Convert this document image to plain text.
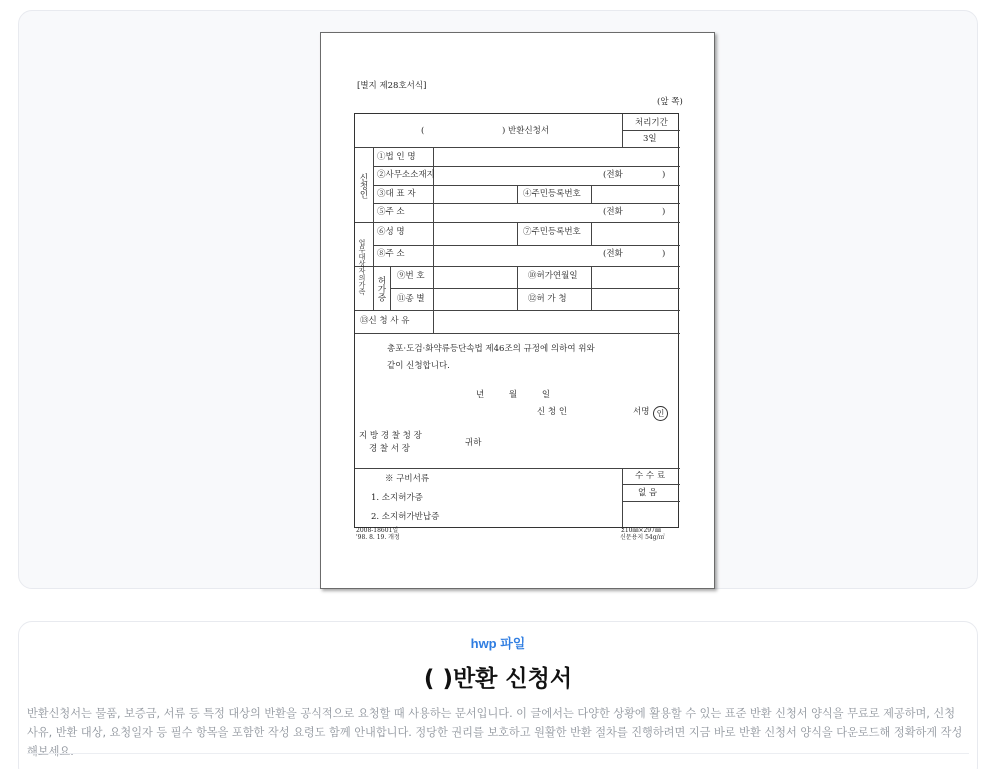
[별지 제28호서식]
(앞 쪽)
(	) 반환신청서
처리기간
3일
신청인
①법 인 명
②사무소소재지	(전화	)
③대 표 자	④주민등록번호
⑤주 소	(전화	)
업무대상자의가족
⑥성 명	⑦주민등록번호
⑧주 소	(전화	)
허가증
⑨번 호	⑩허가연월일
⑪종 별	⑫허 가 청
⑬신 청 사 유
총포·도검·화약류등단속법 제46조의 규정에 의하여 위와
같이 신청합니다.
년 월 일
신 청 인	서명 인
지 방 경 찰 청 장
경 찰 서 장
귀하
※ 구비서류
1. 소지허가증
2. 소지허가반납증
수 수 료
없 음
2008-18601일
'98. 8. 19. 개정
210㎜×297㎜
신문용지 54g/㎡
hwp 파일
( )반환 신청서

반환신청서는 물품, 보증금, 서류 등 특정 대상의 반환을 공식적으로 요청할 때 사용하는 문서입니다. 이 글에서는 다양한 상황에 활용할 수 있는 표준 반환 신청서 양식을 무료로 제공하며, 신청 사유, 반환 대상, 요청일자 등 필수 항목을 포함한 작성 요령도 함께 안내합니다. 정당한 권리를 보호하고 원활한 반환 절차를 진행하려면 지금 바로 반환 신청서 양식을 다운로드해 정확하게 작성해보세요.
